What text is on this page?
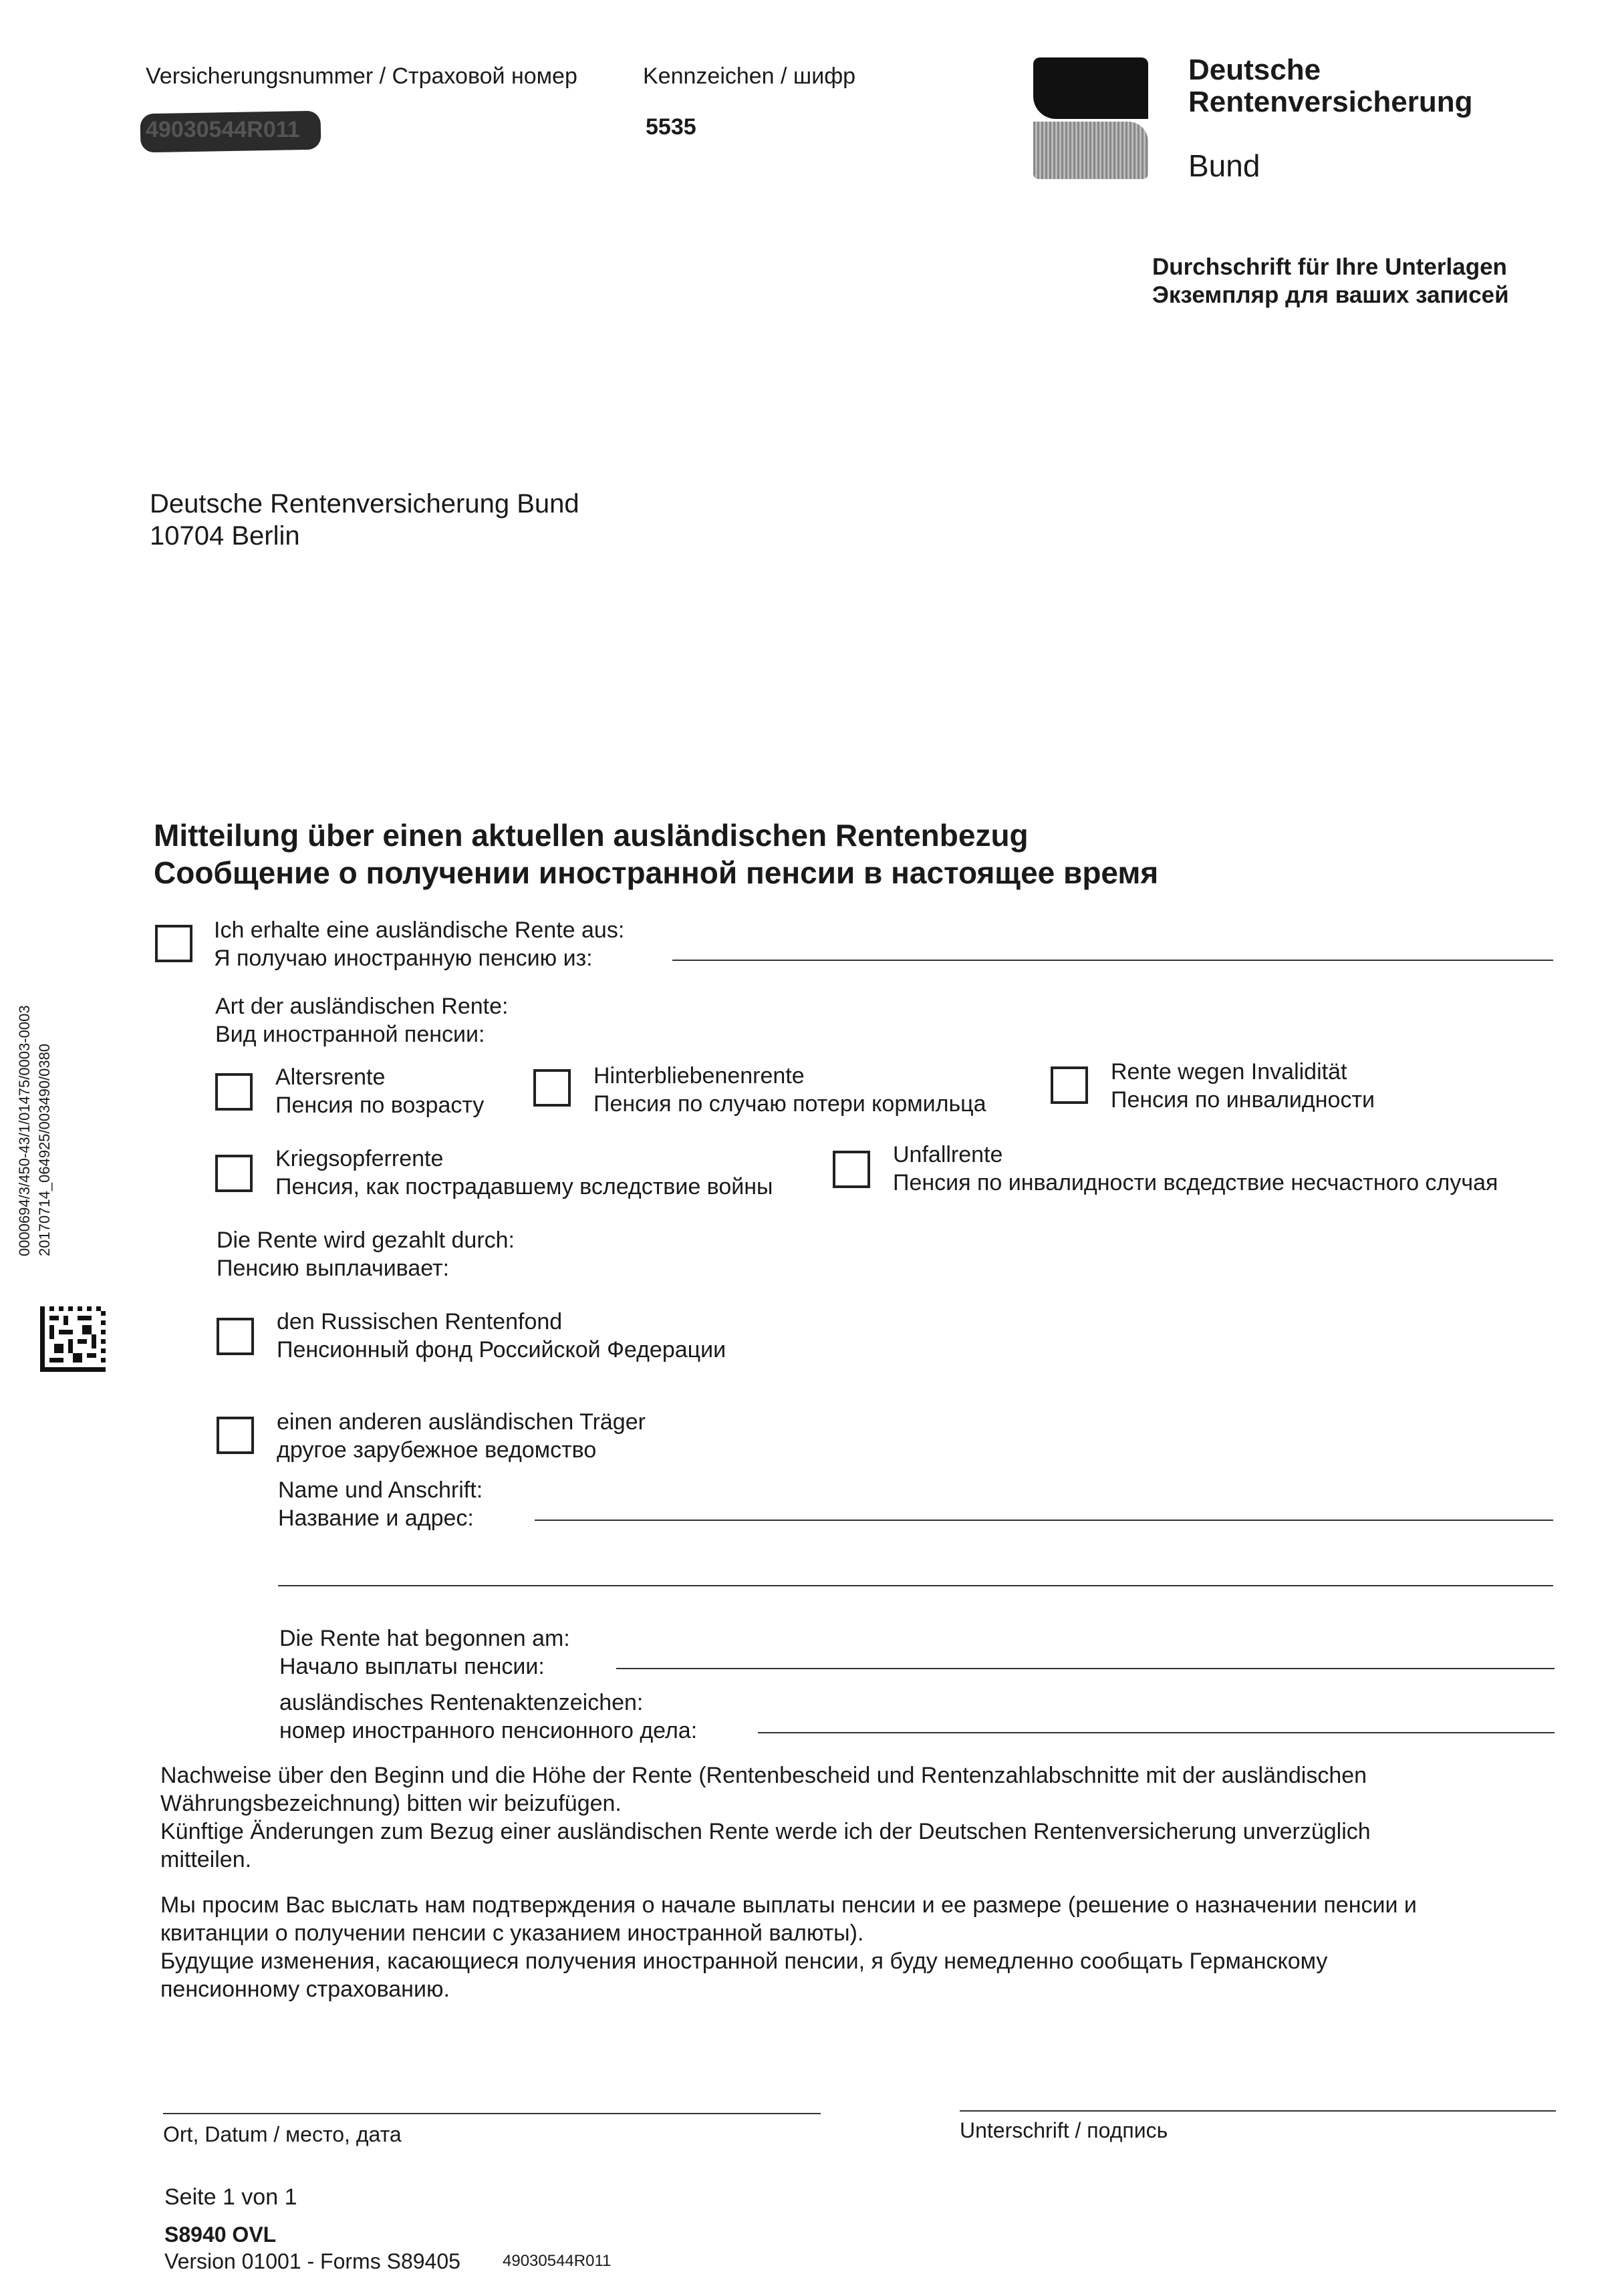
Versicherungsnummer / Страховой номер
49030544R011
Kennzeichen / шифр
5535
Deutsche
Rentenversicherung
Bund
Durchschrift für Ihre Unterlagen
Экземпляр для ваших записей
Deutsche Rentenversicherung Bund
10704 Berlin
0000694/3/450-43/1/01475/0003-0003 20170714_064925/003490/0380
Mitteilung über einen aktuellen ausländischen Rentenbezug
Сообщение о получении иностранной пенсии в настоящее время
Ich erhalte eine ausländische Rente aus:
Я получаю иностранную пенсию из:
Art der ausländischen Rente:
Вид иностранной пенсии:
Altersrente
Пенсия по возрасту
Hinterbliebenenrente
Пенсия по случаю потери кормильца
Rente wegen Invalidität
Пенсия по инвалидности
Kriegsopferrente
Пенсия, как пострадавшему вследствие войны
Unfallrente
Пенсия по инвалидности вcдедствие несчастного случая
Die Rente wird gezahlt durch:
Пенсию выплачивает:
den Russischen Rentenfond
Пенсионный фонд Российской Федерации
einen anderen ausländischen Träger
другое зарубежное ведомство
Name und Anschrift:
Название и адрес:
Die Rente hat begonnen am:
Начало выплаты пенсии:
ausländisches Rentenaktenzeichen:
номер иностранного пенсионного дела:
Nachweise über den Beginn und die Höhe der Rente (Rentenbescheid und Rentenzahlabschnitte mit der ausländischen
Währungsbezeichnung) bitten wir beizufügen.
Künftige Änderungen zum Bezug einer ausländischen Rente werde ich der Deutschen Rentenversicherung unverzüglich
mitteilen.
Мы просим Вас выслать нам подтверждения о начале выплаты пенсии и ее размере (решение о назначении пенсии и
квитанции о получении пенсии с указанием иностранной валюты).
Будущие изменения, касающиеся получения иностранной пенсии, я буду немедленно сообщать Германскому
пенсионному страхованию.
Ort, Datum / место, дата	Unterschrift / подпись
Seite 1 von 1
S8940 OVL
Version 01001 - Forms S89405	49030544R011
